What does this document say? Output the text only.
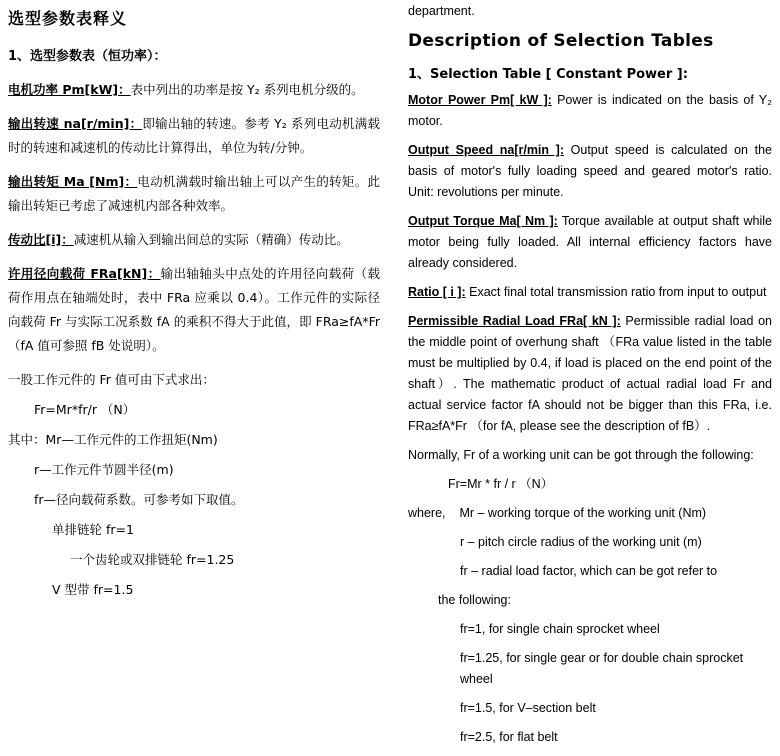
选型参数表释义
1、选型参数表（恒功率）：

电机功率 Pm[kW]：表中列出的功率是按 Y₂ 系列电机分级的。

输出转速 na[r/min]：即输出轴的转速。参考 Y₂ 系列电动机满载时的转速和减速机的传动比计算得出，单位为转/分钟。

输出转矩 Ma [Nm]：电动机满载时输出轴上可以产生的转矩。此输出转矩已考虑了减速机内部各种效率。

传动比[i]：减速机从输入到输出间总的实际（精确）传动比。

许用径向载荷 FRa[kN]：输出轴轴头中点处的许用径向载荷（载荷作用点在轴端处时，表中 FRa 应乘以 0.4）。工作元件的实际径向载荷 Fr 与实际工况系数 fA 的乘积不得大于此值，即 FRa≥fA*Fr（fA 值可参照 fB 处说明）。

一股工作元件的 Fr 值可由下式求出：

Fr=Mr*fr/r （N）

其中：Mr—工作元件的工作扭矩(Nm)

r—工作元件节圆半径(m)

fr—径向载荷系数。可参考如下取值。

单排链轮 fr=1

一个齿轮或双排链轮 fr=1.25

V 型带 fr=1.5

department.

Description of Selection Tables
1、Selection Table [ Constant Power ]:

Motor Power Pm[ kW ]: Power is indicated on the basis of Y₂ motor.

Output Speed na[r/min ]: Output speed is calculated on the basis of motor's fully loading speed and geared motor's ratio. Unit: revolutions per minute.

Output Torque Ma[ Nm ]: Torque available at output shaft while motor being fully loaded. All internal efficiency factors have already considered.

Ratio [ i ]: Exact final total transmission ratio from input to output

Permissible Radial Load FRa[ kN ]: Permissible radial load on the middle point of overhung shaft （FRa value listed in the table must be multiplied by 0.4, if load is placed on the end point of the shaft）. The mathematic product of actual radial load Fr and actual service factor fA should not be bigger than this FRa, i.e. FRa≥fA*Fr （for fA, please see the description of fB）.

Normally, Fr of a working unit can be got through the following:

Fr=Mr * fr / r （N）

where, Mr – working torque of the working unit (Nm)

r – pitch circle radius of the working unit (m)

fr – radial load factor, which can be got refer to

the following:

fr=1, for single chain sprocket wheel

fr=1.25, for single gear or for double chain sprocket wheel

fr=1.5, for V–section belt

fr=2.5, for flat belt
